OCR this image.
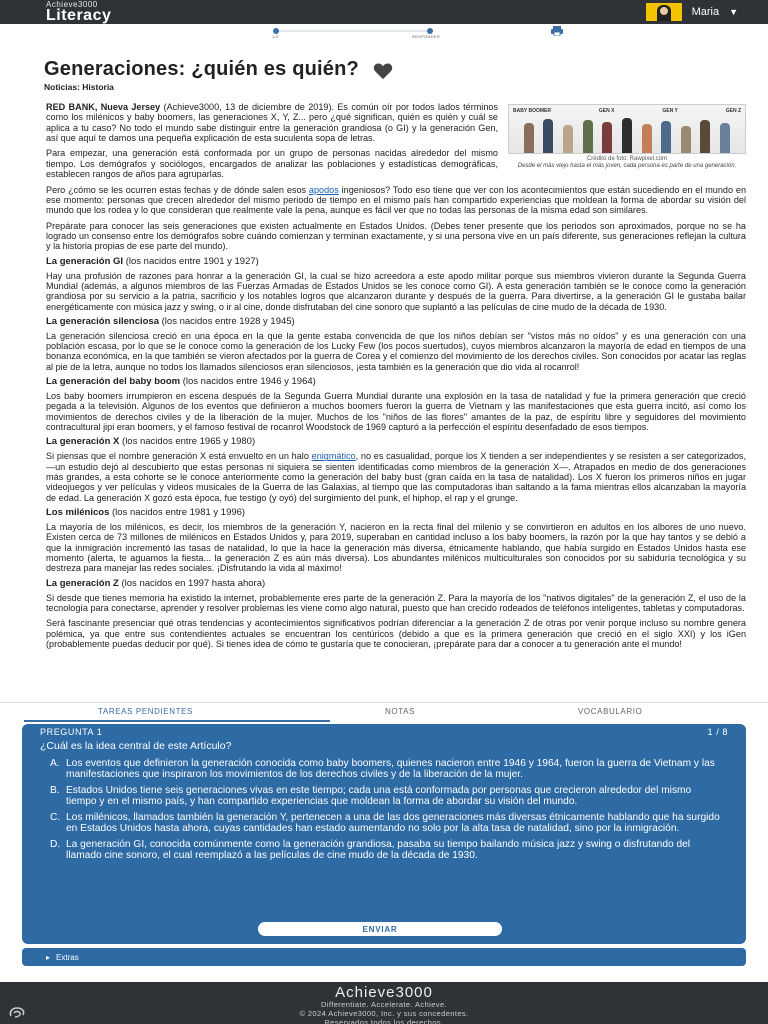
Achieve3000
Literacy	Maria ▼
1/3	RESPONDER
Generaciones: ¿quién es quién?
Noticias: Historia
BABY BOOMER	GEN X	GEN Y	GEN Z
Crédito de foto: Rawpixel.com
Desde el más viejo hasta el más joven, cada persona es parte de una generación.

RED BANK, Nueva Jersey (Achieve3000, 13 de diciembre de 2019). Es común oír por todos lados términos como los milénicos y baby boomers, las generaciones X, Y, Z... pero ¿qué significan, quién es quién y cuál se aplica a tu caso? No todo el mundo sabe distinguir entre la generación grandiosa (o GI) y la generación Gen, así que aquí te damos una pequeña explicación de esta suculenta sopa de letras.

Para empezar, una generación está conformada por un grupo de personas nacidas alrededor del mismo tiempo. Los demógrafos y sociólogos, encargados de analizar las poblaciones y estadísticas demográficas, establecen rangos de años para agruparlas.

Pero ¿cómo se les ocurren estas fechas y de dónde salen esos apodos ingeniosos? Todo eso tiene que ver con los acontecimientos que están sucediendo en el mundo en ese momento: personas que crecen alrededor del mismo periodo de tiempo en el mismo país han compartido experiencias que moldean la forma de abordar su visión del mundo que los rodea y lo que consideran que realmente vale la pena, aunque es fácil ver que no todas las personas de la misma edad son similares.

Prepárate para conocer las seis generaciones que existen actualmente en Estados Unidos. (Debes tener presente que los periodos son aproximados, porque no se ha logrado un consenso entre los demógrafos sobre cuándo comienzan y terminan exactamente, y si una persona vive en un país diferente, sus generaciones reflejan la cultura y la historia propias de ese parte del mundo).

La generación GI (los nacidos entre 1901 y 1927)

Hay una profusión de razones para honrar a la generación GI, la cual se hizo acreedora a este apodo militar porque sus miembros vivieron durante la Segunda Guerra Mundial (además, a algunos miembros de las Fuerzas Armadas de Estados Unidos se les conoce como GI). A esta generación también se le conoce como la generación grandiosa por su servicio a la patria, sacrificio y los notables logros que alcanzaron durante y después de la guerra. Para divertirse, a la generación GI le gustaba bailar energéticamente con música jazz y swing, o ir al cine, donde disfrutaban del cine sonoro que suplantó a las películas de cine mudo de la década de 1930.

La generación silenciosa (los nacidos entre 1928 y 1945)

La generación silenciosa creció en una época en la que la gente estaba convencida de que los niños debían ser "vistos más no oídos" y es una generación con una población escasa, por lo que se le conoce como la generación de los Lucky Few (los pocos suertudos), cuyos miembros alcanzaron la mayoría de edad en tiempos de una bonanza económica, en la que también se vieron afectados por la guerra de Corea y el comienzo del movimiento de los derechos civiles. Son conocidos por acatar las reglas al pie de la letra, aunque no todos los llamados silenciosos eran silenciosos, ¡esta también es la generación que dio vida al rocanrol!

La generación del baby boom (los nacidos entre 1946 y 1964)

Los baby boomers irrumpieron en escena después de la Segunda Guerra Mundial durante una explosión en la tasa de natalidad y fue la primera generación que creció pegada a la televisión. Algunos de los eventos que definieron a muchos boomers fueron la guerra de Vietnam y las manifestaciones que esta guerra incitó, así como los movimientos de derechos civiles y de la liberación de la mujer. Muchos de los "niños de las flores" amantes de la paz, de espíritu libre y seguidores del movimiento contracultural jipi eran boomers, y el famoso festival de rocanrol Woodstock de 1969 capturó a la perfección el espíritu desenfadado de esos tiempos.

La generación X (los nacidos entre 1965 y 1980)

Si piensas que el nombre generación X está envuelto en un halo enigmático, no es casualidad, porque los X tienden a ser independientes y se resisten a ser categorizados, —un estudio dejó al descubierto que estas personas ni siquiera se sienten identificadas como miembros de la generación X—. Atrapados en medio de dos generaciones más grandes, a esta cohorte se le conoce anteriormente como la generación del baby bust (gran caída en la tasa de natalidad). Los X fueron los primeros niños en jugar videojuegos y ver películas y videos musicales de la Guerra de las Galaxias, al tiempo que las computadoras iban saltando a la fama mientras ellos alcanzaban la mayoría de edad. La generación X gozó esta época, fue testigo (y oyó) del surgimiento del punk, el hiphop, el rap y el grunge.

Los milénicos (los nacidos entre 1981 y 1996)

La mayoría de los milénicos, es decir, los miembros de la generación Y, nacieron en la recta final del milenio y se convirtieron en adultos en los albores de uno nuevo. Existen cerca de 73 millones de milénicos en Estados Unidos y, para 2019, superaban en cantidad incluso a los baby boomers, la razón por la que hay tantos y se debió a que la inmigración incrementó las tasas de natalidad, lo que la hace la generación más diversa, étnicamente hablando, que había surgido en Estados Unidos hasta ese momento (alerta, te aguamos la fiesta... la generación Z es aún más diversa). Los abundantes milénicos multiculturales son conocidos por su sabiduría tecnológica y su destreza para manejar las redes sociales. ¡Disfrutando la vida al máximo!

La generación Z (los nacidos en 1997 hasta ahora)

Si desde que tienes memoria ha existido la internet, probablemente eres parte de la generación Z. Para la mayoría de los "nativos digitales" de la generación Z, el uso de la tecnología para conectarse, aprender y resolver problemas les viene como algo natural, puesto que han crecido rodeados de teléfonos inteligentes, tabletas y computadoras.

Será fascinante presenciar qué otras tendencias y acontecimientos significativos podrían diferenciar a la generación Z de otras por venir porque incluso su nombre genera polémica, ya que entre sus contendientes actuales se encuentran los centúricos (debido a que es la primera generación que creció en el siglo XXI) y los iGen (probablemente puedas deducir por qué). Si tienes idea de cómo te gustaría que te conocieran, ¡prepárate para dar a conocer a tu generación ante el mundo!

TAREAS PENDIENTES	NOTAS	VOCABULARIO
PREGUNTA 1	1 / 8
¿Cuál es la idea central de este Artículo?
A. Los eventos que definieron la generación conocida como baby boomers, quienes nacieron entre 1946 y 1964, fueron la guerra de Vietnam y las manifestaciones que inspiraron los movimientos de los derechos civiles y de la liberación de la mujer.
B. Estados Unidos tiene seis generaciones vivas en este tiempo; cada una está conformada por personas que crecieron alrededor del mismo tiempo y en el mismo país, y han compartido experiencias que moldean la forma de abordar su visión del mundo.
C. Los milénicos, llamados también la generación Y, pertenecen a una de las dos generaciones más diversas étnicamente hablando que ha surgido en Estados Unidos hasta ahora, cuyas cantidades han estado aumentando no solo por la alta tasa de natalidad, sino por la inmigración.
D. La generación GI, conocida comúnmente como la generación grandiosa, pasaba su tiempo bailando música jazz y swing o disfrutando del llamado cine sonoro, el cual reemplazó a las películas de cine mudo de la década de 1930.
ENVIAR
▸ Extras
Achieve3000
Differentiate. Accelerate. Achieve.
© 2024 Achieve3000, Inc. y sus concedentes.
Reservados todos los derechos.
